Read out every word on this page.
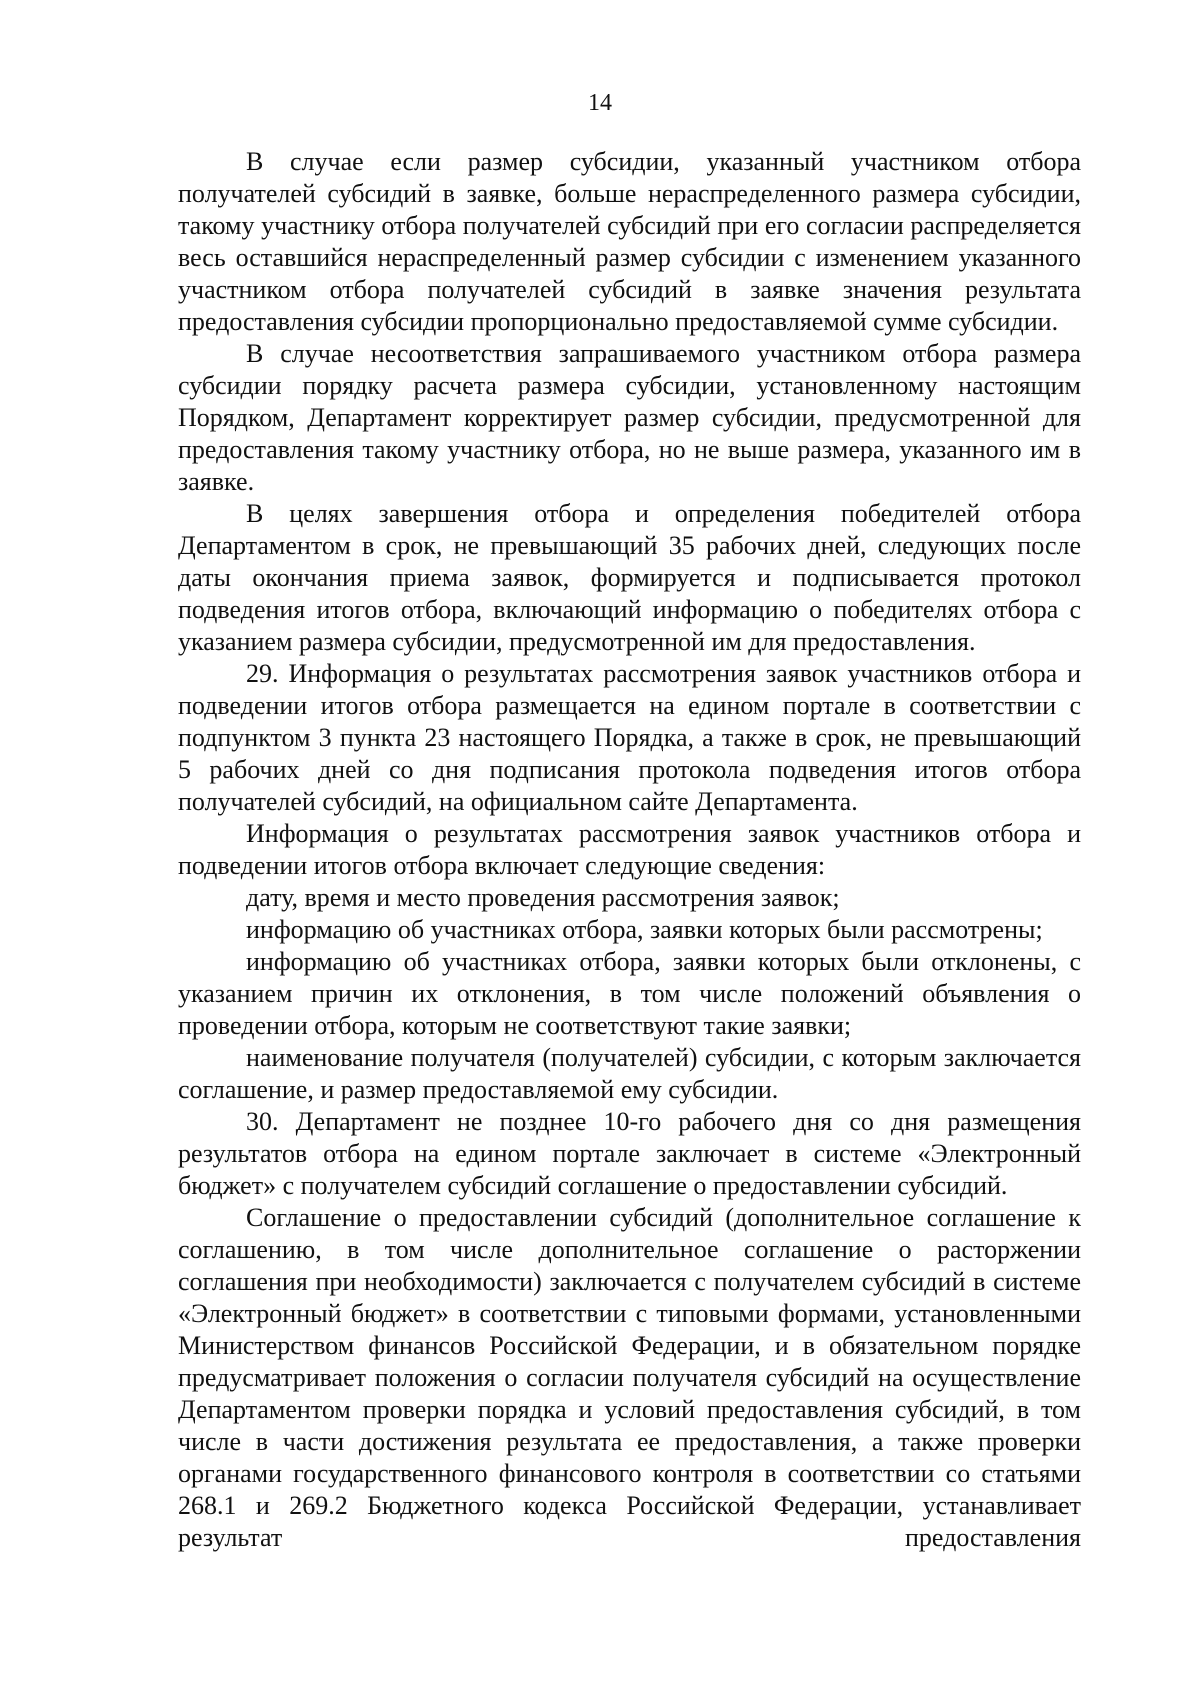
14

В случае если размер субсидии, указанный участником отбора получателей субсидий в заявке, больше нераспределенного размера субсидии, такому участнику отбора получателей субсидий при его согласии распределяется весь оставшийся нераспределенный размер субсидии с изменением указанного участником отбора получателей субсидий в заявке значения результата предоставления субсидии пропорционально предоставляемой сумме субсидии.

В случае несоответствия запрашиваемого участником отбора размера субсидии порядку расчета размера субсидии, установленному настоящим Порядком, Департамент корректирует размер субсидии, предусмотренной для предоставления такому участнику отбора, но не выше размера, указанного им в заявке.

В целях завершения отбора и определения победителей отбора Департаментом в срок, не превышающий 35 рабочих дней, следующих после даты окончания приема заявок, формируется и подписывается протокол подведения итогов отбора, включающий информацию о победителях отбора с указанием размера субсидии, предусмотренной им для предоставления.

29. Информация о результатах рассмотрения заявок участников отбора и подведении итогов отбора размещается на едином портале в соответствии с подпунктом 3 пункта 23 настоящего Порядка, а также в срок, не превышающий 5 рабочих дней со дня подписания протокола подведения итогов отбора получателей субсидий, на официальном сайте Департамента.

Информация о результатах рассмотрения заявок участников отбора и подведении итогов отбора включает следующие сведения:

дату, время и место проведения рассмотрения заявок;

информацию об участниках отбора, заявки которых были рассмотрены;

информацию об участниках отбора, заявки которых были отклонены, с указанием причин их отклонения, в том числе положений объявления о проведении отбора, которым не соответствуют такие заявки;

наименование получателя (получателей) субсидии, с которым заключается соглашение, и размер предоставляемой ему субсидии.

30. Департамент не позднее 10-го рабочего дня со дня размещения результатов отбора на едином портале заключает в системе «Электронный бюджет» с получателем субсидий соглашение о предоставлении субсидий.

Соглашение о предоставлении субсидий (дополнительное соглашение к соглашению, в том числе дополнительное соглашение о расторжении соглашения при необходимости) заключается с получателем субсидий в системе «Электронный бюджет» в соответствии с типовыми формами, установленными Министерством финансов Российской Федерации, и в обязательном порядке предусматривает положения о согласии получателя субсидий на осуществление Департаментом проверки порядка и условий предоставления субсидий, в том числе в части достижения результата ее предоставления, а также проверки органами государственного финансового контроля в соответствии со статьями 268.1 и 269.2 Бюджетного кодекса Российской Федерации, устанавливает результат предоставления
